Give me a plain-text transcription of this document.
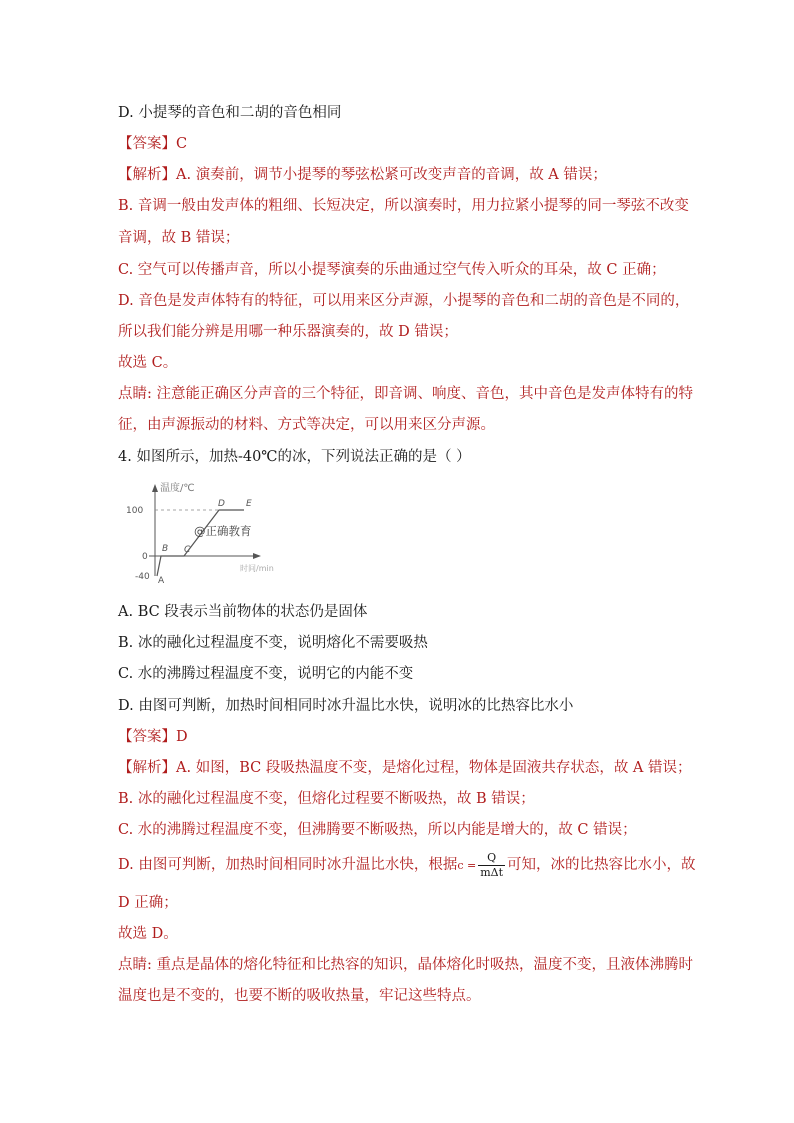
D. 小提琴的音色和二胡的音色相同
【答案】C
【解析】A. 演奏前，调节小提琴的琴弦松紧可改变声音的音调，故 A 错误；
B. 音调一般由发声体的粗细、长短决定，所以演奏时，用力拉紧小提琴的同一琴弦不改变
音调，故 B 错误；
C. 空气可以传播声音，所以小提琴演奏的乐曲通过空气传入听众的耳朵，故 C 正确；
D. 音色是发声体特有的特征，可以用来区分声源，小提琴的音色和二胡的音色是不同的，
所以我们能分辨是用哪一种乐器演奏的，故 D 错误；
故选 C。
点睛: 注意能正确区分声音的三个特征，即音调、响度、音色，其中音色是发声体特有的特
征，由声源振动的材料、方式等决定，可以用来区分声源。
4. 如图所示，加热-40℃的冰，下列说法正确的是（ ）
温度/℃
时间/min
100
0
-40 A
B C
D E
@正确教育
A. BC 段表示当前物体的状态仍是固体
B. 冰的融化过程温度不变，说明熔化不需要吸热
C. 水的沸腾过程温度不变，说明它的内能不变
D. 由图可判断，加热时间相同时冰升温比水快，说明冰的比热容比水小
【答案】D
【解析】A. 如图，BC 段吸热温度不变，是熔化过程，物体是固液共存状态，故 A 错误；
B. 冰的融化过程温度不变，但熔化过程要不断吸热，故 B 错误；
C. 水的沸腾过程温度不变，但沸腾要不断吸热，所以内能是增大的，故 C 错误；
D. 由图可判断，加热时间相同时冰升温比水快，根据$c = \frac{Q}{\text{mΔt}}$ 可知，冰的比热容比水小，故
D 正确；
故选 D。
点睛: 重点是晶体的熔化特征和比热容的知识，晶体熔化时吸热，温度不变，且液体沸腾时
温度也是不变的，也要不断的吸收热量，牢记这些特点。
